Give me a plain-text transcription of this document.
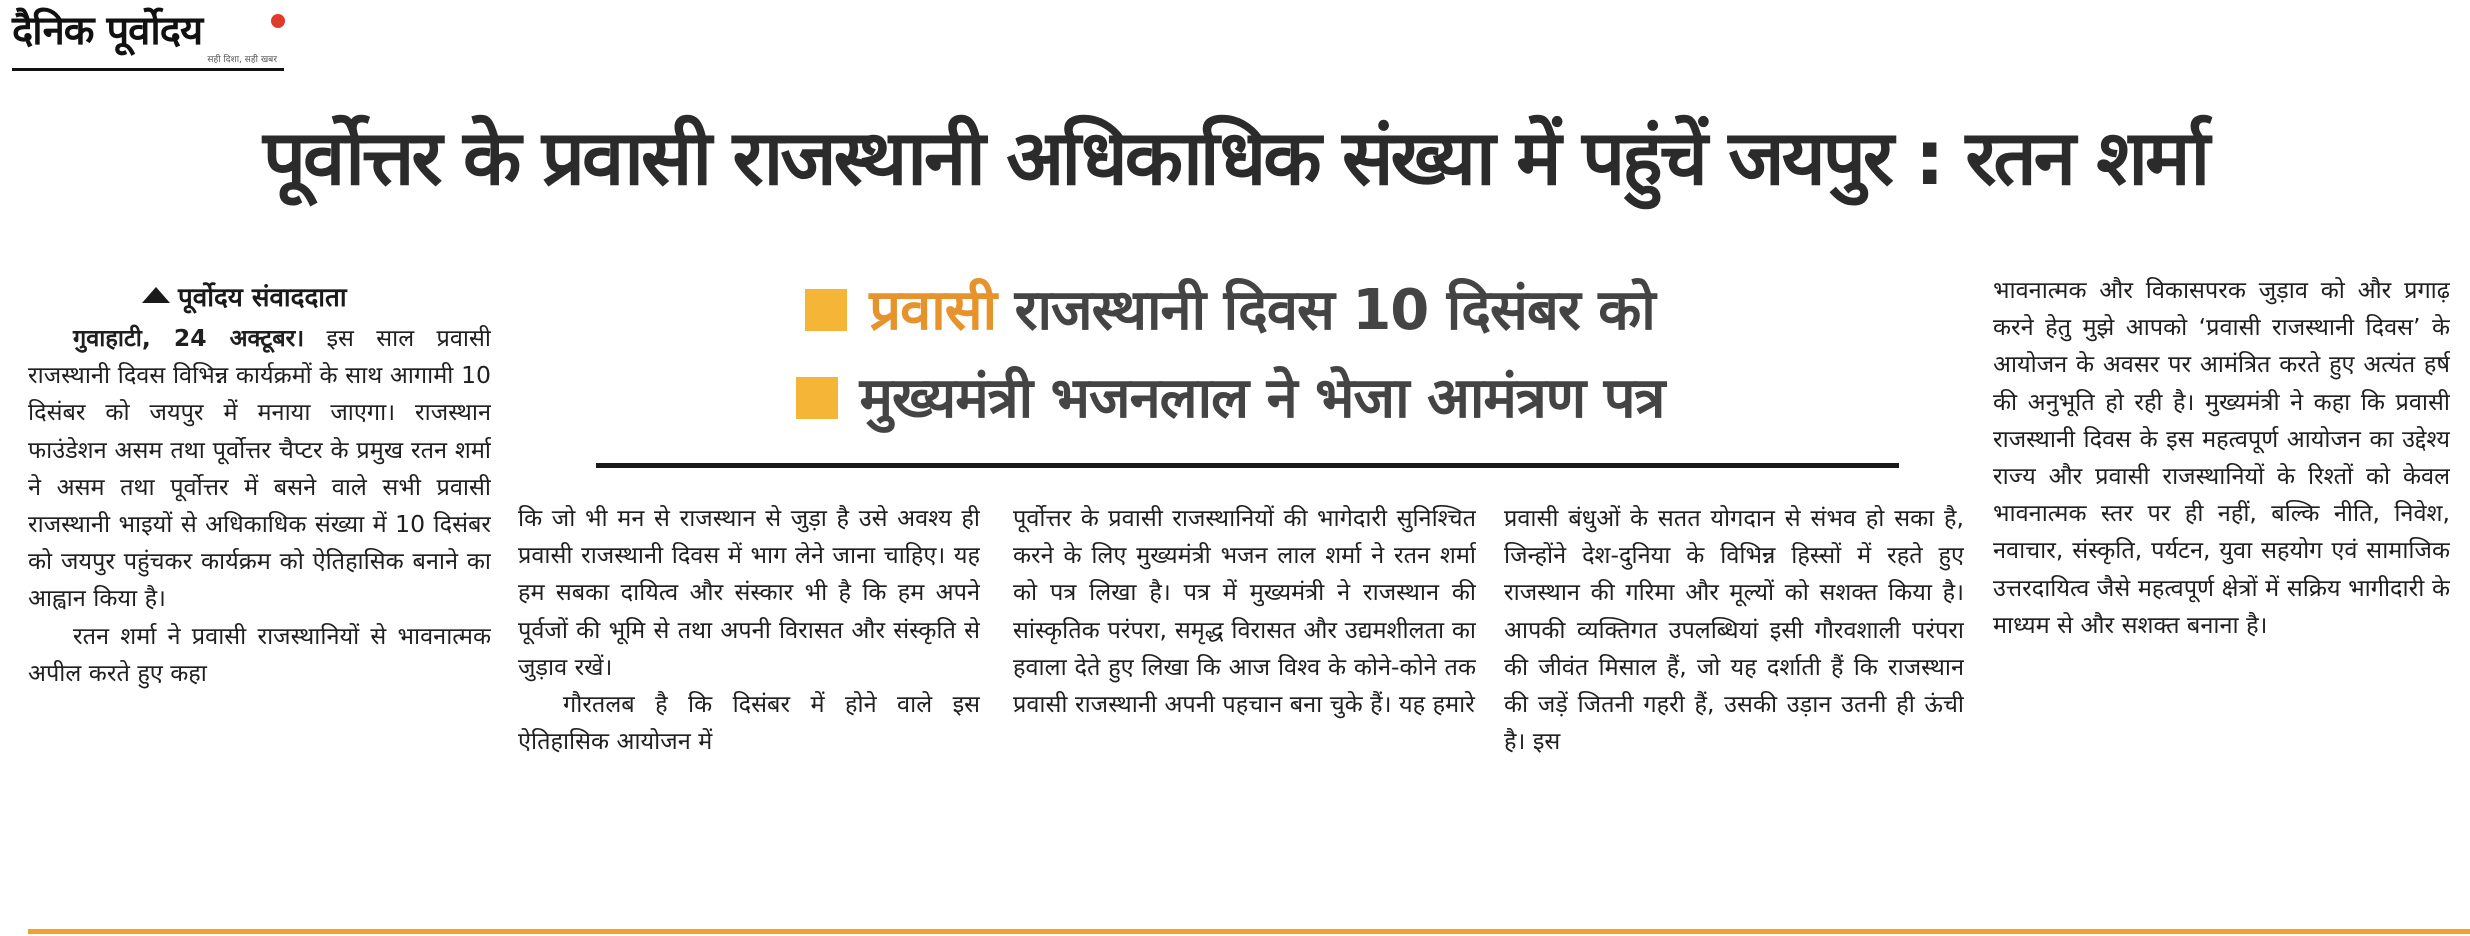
दैनिक पूर्वोदय
सही दिशा, सही खबर
पूर्वोत्तर के प्रवासी राजस्थानी अधिकाधिक संख्या में पहुंचें जयपुर : रतन शर्मा
प्रवासी राजस्थानी दिवस 10 दिसंबर को
मुख्यमंत्री भजनलाल ने भेजा आमंत्रण पत्र
पूर्वोदय संवाददाता

गुवाहाटी, 24 अक्टूबर। इस साल प्रवासी राजस्थानी दिवस विभिन्न कार्यक्रमों के साथ आगामी 10 दिसंबर को जयपुर में मनाया जाएगा। राजस्थान फाउंडेशन असम तथा पूर्वोत्तर चैप्टर के प्रमुख रतन शर्मा ने असम तथा पूर्वोत्तर में बसने वाले सभी प्रवासी राजस्थानी भाइयों से अधिकाधिक संख्या में 10 दिसंबर को जयपुर पहुंचकर कार्यक्रम को ऐतिहासिक बनाने का आह्वान किया है।

रतन शर्मा ने प्रवासी राजस्थानियों से भावनात्मक अपील करते हुए कहा

कि जो भी मन से राजस्थान से जुड़ा है उसे अवश्य ही प्रवासी राजस्थानी दिवस में भाग लेने जाना चाहिए। यह हम सबका दायित्व और संस्कार भी है कि हम अपने पूर्वजों की भूमि से तथा अपनी विरासत और संस्कृति से जुड़ाव रखें।

गौरतलब है कि दिसंबर में होने वाले इस ऐतिहासिक आयोजन में

पूर्वोत्तर के प्रवासी राजस्थानियों की भागेदारी सुनिश्चित करने के लिए मुख्यमंत्री भजन लाल शर्मा ने रतन शर्मा को पत्र लिखा है। पत्र में मुख्यमंत्री ने राजस्थान की सांस्कृतिक परंपरा, समृद्ध विरासत और उद्यमशीलता का हवाला देते हुए लिखा कि आज विश्व के कोने-कोने तक प्रवासी राजस्थानी अपनी पहचान बना चुके हैं। यह हमारे

प्रवासी बंधुओं के सतत योगदान से संभव हो सका है, जिन्होंने देश-दुनिया के विभिन्न हिस्सों में रहते हुए राजस्थान की गरिमा और मूल्यों को सशक्त किया है। आपकी व्यक्तिगत उपलब्धियां इसी गौरवशाली परंपरा की जीवंत मिसाल हैं, जो यह दर्शाती हैं कि राजस्थान की जड़ें जितनी गहरी हैं, उसकी उड़ान उतनी ही ऊंची है। इस

भावनात्मक और विकासपरक जुड़ाव को और प्रगाढ़ करने हेतु मुझे आपको ‘प्रवासी राजस्थानी दिवस’ के आयोजन के अवसर पर आमंत्रित करते हुए अत्यंत हर्ष की अनुभूति हो रही है। मुख्यमंत्री ने कहा कि प्रवासी राजस्थानी दिवस के इस महत्वपूर्ण आयोजन का उद्देश्य राज्य और प्रवासी राजस्थानियों के रिश्तों को केवल भावनात्मक स्तर पर ही नहीं, बल्कि नीति, निवेश, नवाचार, संस्कृति, पर्यटन, युवा सहयोग एवं सामाजिक उत्तरदायित्व जैसे महत्वपूर्ण क्षेत्रों में सक्रिय भागीदारी के माध्यम से और सशक्त बनाना है।
